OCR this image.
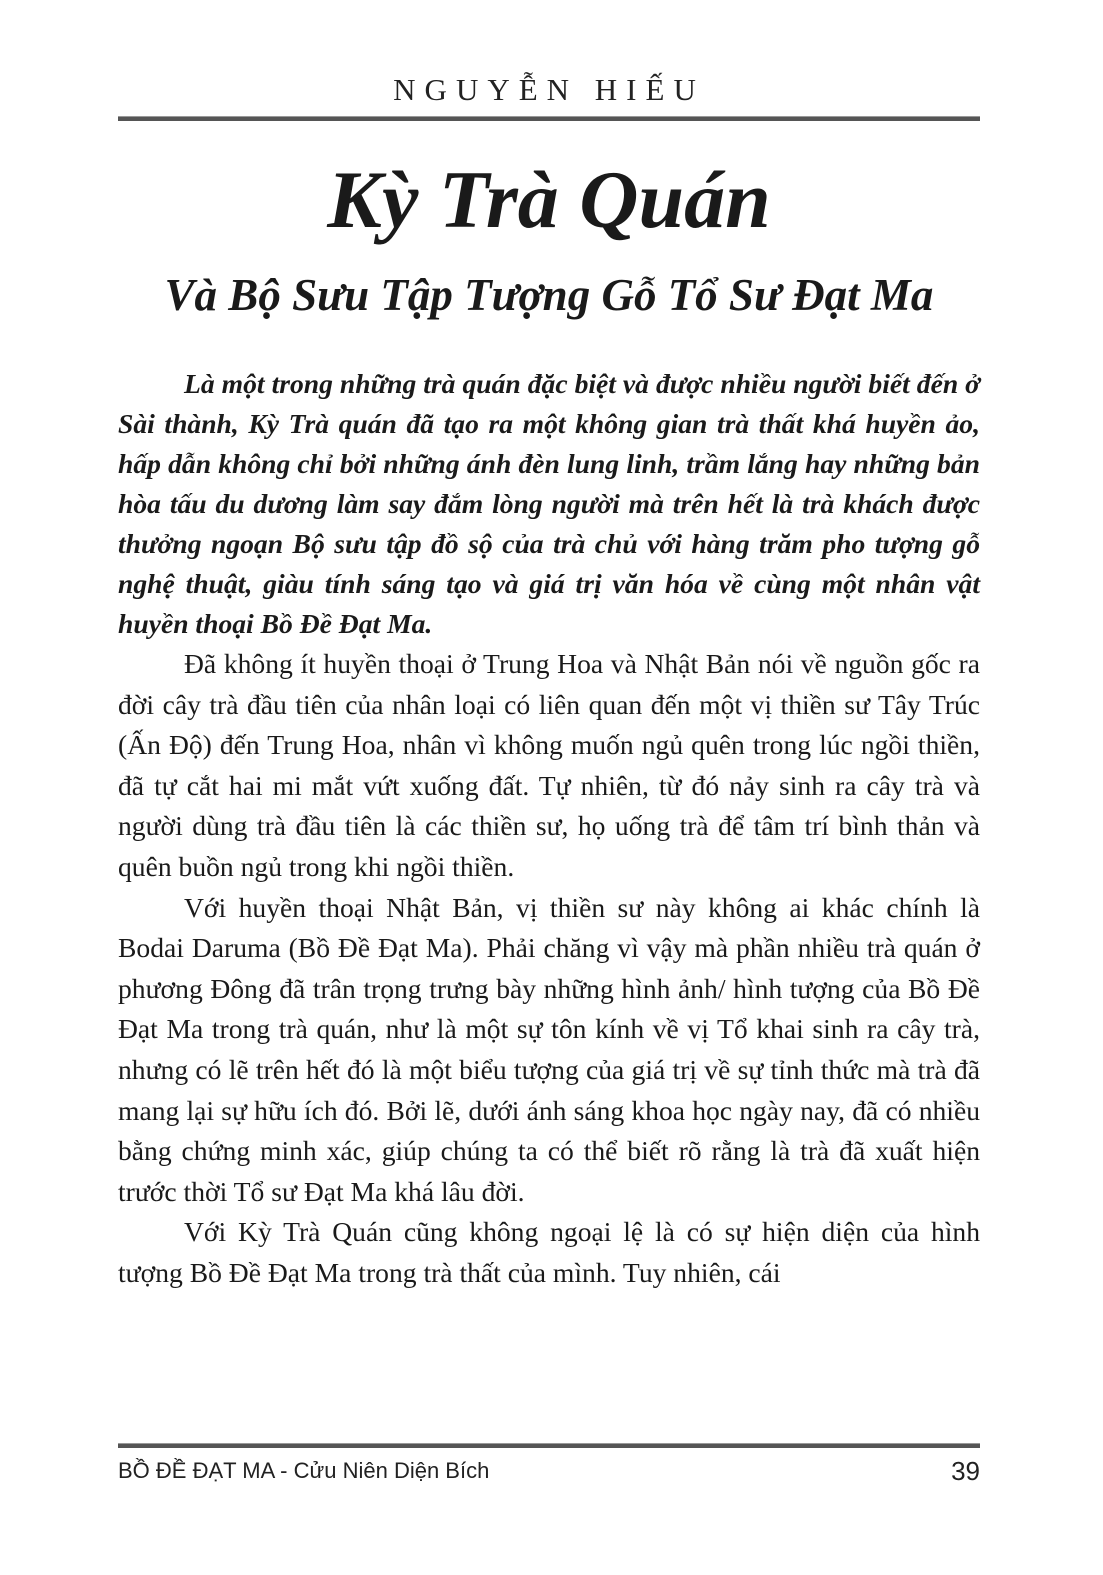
NGUYỄN HIẾU
Kỳ Trà Quán
Và Bộ Sưu Tập Tượng Gỗ Tổ Sư Đạt Ma

Là một trong những trà quán đặc biệt và được nhiều người biết đến ở Sài thành, Kỳ Trà quán đã tạo ra một không gian trà thất khá huyền ảo, hấp dẫn không chỉ bởi những ánh đèn lung linh, trầm lắng hay những bản hòa tấu du dương làm say đắm lòng người mà trên hết là trà khách được thưởng ngoạn Bộ sưu tập đồ sộ của trà chủ với hàng trăm pho tượng gỗ nghệ thuật, giàu tính sáng tạo và giá trị văn hóa về cùng một nhân vật huyền thoại Bồ Đề Đạt Ma.

Đã không ít huyền thoại ở Trung Hoa và Nhật Bản nói về nguồn gốc ra đời cây trà đầu tiên của nhân loại có liên quan đến một vị thiền sư Tây Trúc (Ấn Độ) đến Trung Hoa, nhân vì không muốn ngủ quên trong lúc ngồi thiền, đã tự cắt hai mi mắt vứt xuống đất. Tự nhiên, từ đó nảy sinh ra cây trà và người dùng trà đầu tiên là các thiền sư, họ uống trà để tâm trí bình thản và quên buồn ngủ trong khi ngồi thiền.

Với huyền thoại Nhật Bản, vị thiền sư này không ai khác chính là Bodai Daruma (Bồ Đề Đạt Ma). Phải chăng vì vậy mà phần nhiều trà quán ở phương Đông đã trân trọng trưng bày những hình ảnh/ hình tượng của Bồ Đề Đạt Ma trong trà quán, như là một sự tôn kính về vị Tổ khai sinh ra cây trà, nhưng có lẽ trên hết đó là một biểu tượng của giá trị về sự tỉnh thức mà trà đã mang lại sự hữu ích đó. Bởi lẽ, dưới ánh sáng khoa học ngày nay, đã có nhiều bằng chứng minh xác, giúp chúng ta có thể biết rõ rằng là trà đã xuất hiện trước thời Tổ sư Đạt Ma khá lâu đời.

Với Kỳ Trà Quán cũng không ngoại lệ là có sự hiện diện của hình tượng Bồ Đề Đạt Ma trong trà thất của mình. Tuy nhiên, cái

BỒ ĐỀ ĐẠT MA - Cửu Niên Diện Bích	39
